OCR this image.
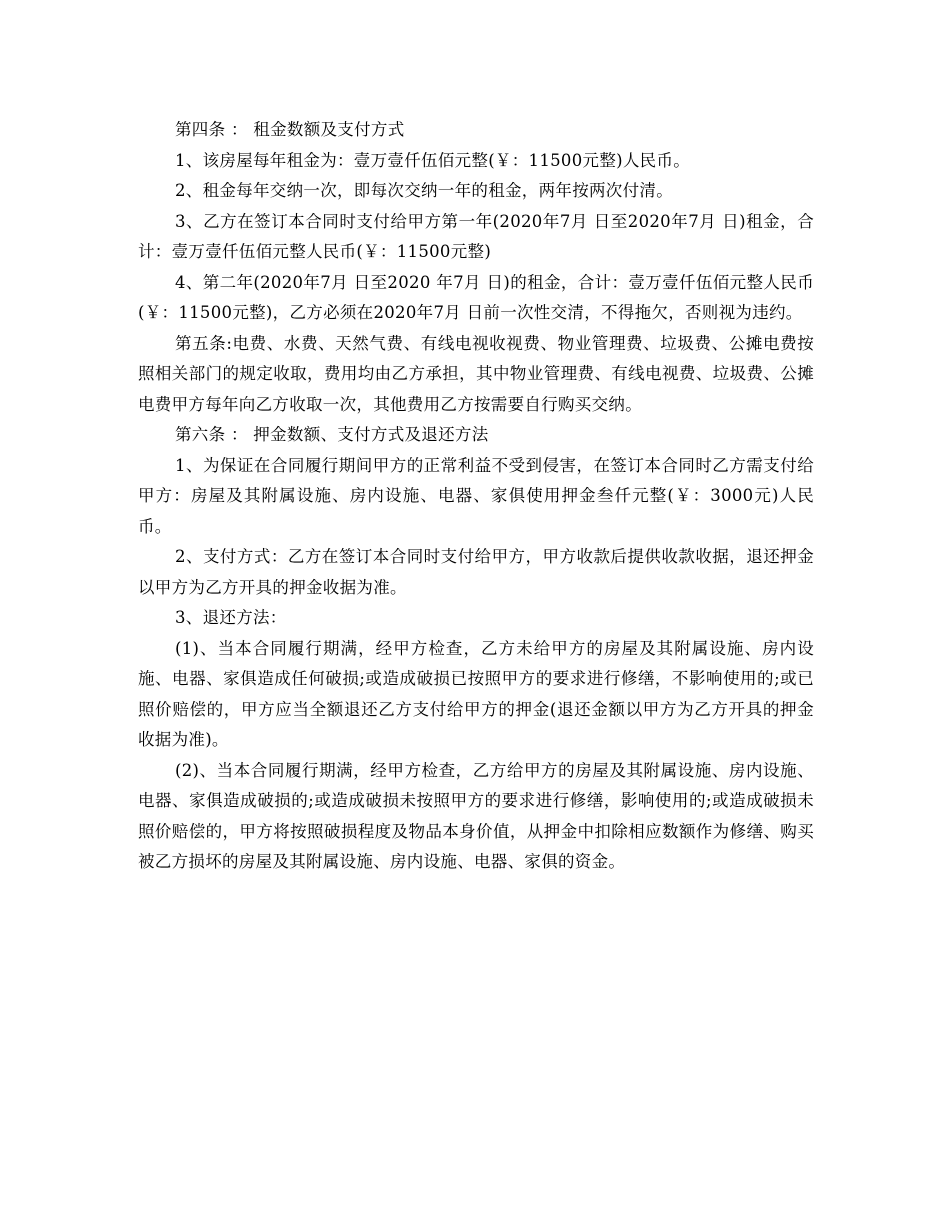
第四条 ： 租金数额及支付方式

1、该房屋每年租金为：壹万壹仟伍佰元整(￥：11500元整)人民币。

2、租金每年交纳一次，即每次交纳一年的租金，两年按两次付清。

3、乙方在签订本合同时支付给甲方第一年(2020年7月 日至2020年7月 日)租金，合计：壹万壹仟伍佰元整人民币(￥：11500元整)

4、第二年(2020年7月 日至2020 年7月 日)的租金，合计：壹万壹仟伍佰元整人民币(￥：11500元整)，乙方必须在2020年7月 日前一次性交清，不得拖欠，否则视为违约。

第五条:电费、水费、天然气费、有线电视收视费、物业管理费、垃圾费、公摊电费按照相关部门的规定收取，费用均由乙方承担，其中物业管理费、有线电视费、垃圾费、公摊电费甲方每年向乙方收取一次，其他费用乙方按需要自行购买交纳。

第六条 ： 押金数额、支付方式及退还方法

1、为保证在合同履行期间甲方的正常利益不受到侵害，在签订本合同时乙方需支付给甲方：房屋及其附属设施、房内设施、电器、家俱使用押金叁仟元整(￥：3000元)人民币。

2、支付方式：乙方在签订本合同时支付给甲方，甲方收款后提供收款收据，退还押金以甲方为乙方开具的押金收据为准。

3、退还方法：

(1)、当本合同履行期满，经甲方检查，乙方未给甲方的房屋及其附属设施、房内设施、电器、家俱造成任何破损;或造成破损已按照甲方的要求进行修缮，不影响使用的;或已照价赔偿的，甲方应当全额退还乙方支付给甲方的押金(退还金额以甲方为乙方开具的押金收据为准)。

(2)、当本合同履行期满，经甲方检查，乙方给甲方的房屋及其附属设施、房内设施、电器、家俱造成破损的;或造成破损未按照甲方的要求进行修缮，影响使用的;或造成破损未照价赔偿的，甲方将按照破损程度及物品本身价值，从押金中扣除相应数额作为修缮、购买被乙方损坏的房屋及其附属设施、房内设施、电器、家俱的资金。
